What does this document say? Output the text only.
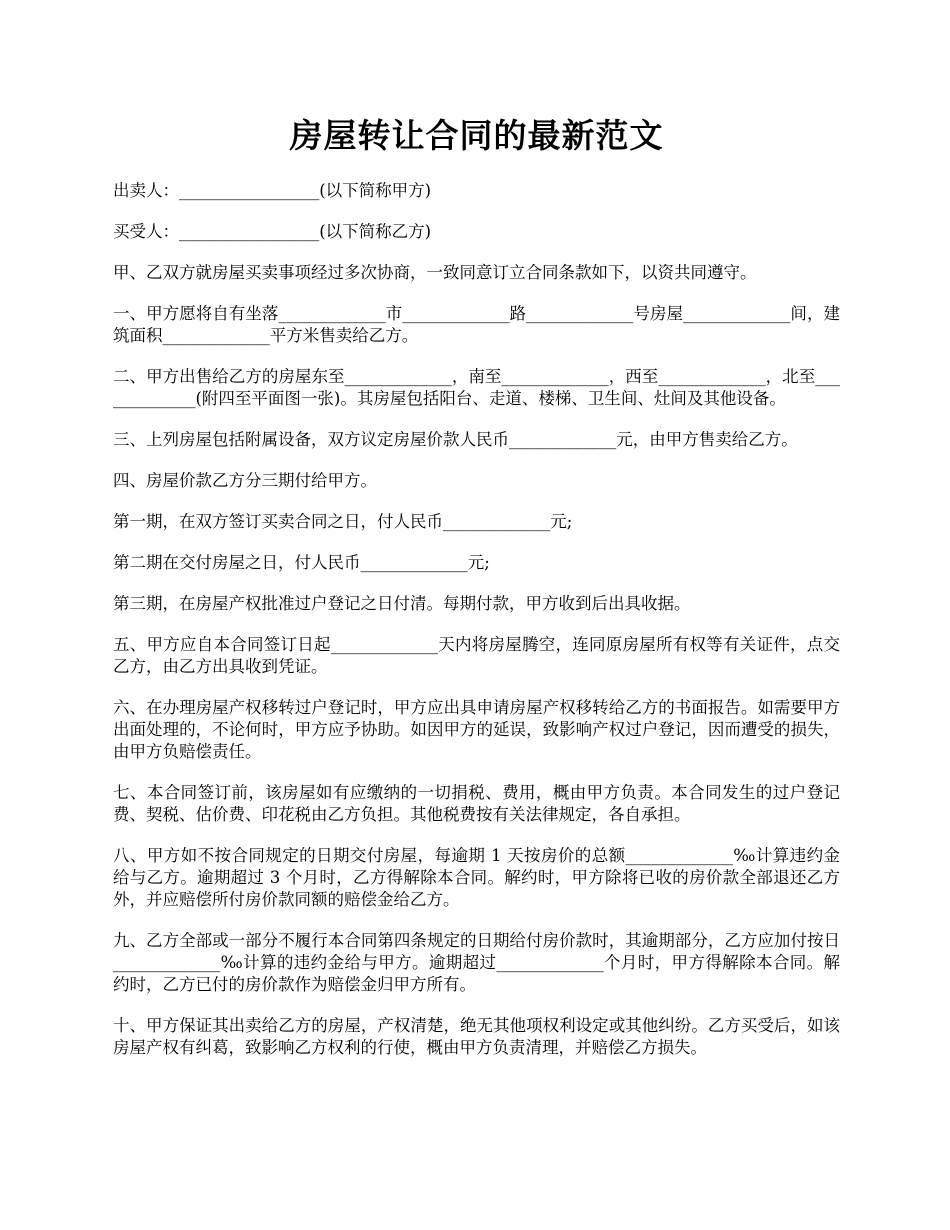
房屋转让合同的最新范文

出卖人：_________________(以下简称甲方)

买受人：_________________(以下简称乙方)

甲、乙双方就房屋买卖事项经过多次协商，一致同意订立合同条款如下，以资共同遵守。

一、甲方愿将自有坐落_____________市_____________路_____________号房屋_____________间，建筑面积_____________平方米售卖给乙方。

二、甲方出售给乙方的房屋东至_____________，南至_____________，西至_____________，北至_____________(附四至平面图一张)。其房屋包括阳台、走道、楼梯、卫生间、灶间及其他设备。

三、上列房屋包括附属设备，双方议定房屋价款人民币_____________元，由甲方售卖给乙方。

四、房屋价款乙方分三期付给甲方。

第一期，在双方签订买卖合同之日，付人民币_____________元;

第二期在交付房屋之日，付人民币_____________元;

第三期，在房屋产权批准过户登记之日付清。每期付款，甲方收到后出具收据。

五、甲方应自本合同签订日起_____________天内将房屋腾空，连同原房屋所有权等有关证件，点交乙方，由乙方出具收到凭证。

六、在办理房屋产权移转过户登记时，甲方应出具申请房屋产权移转给乙方的书面报告。如需要甲方出面处理的，不论何时，甲方应予协助。如因甲方的延误，致影响产权过户登记，因而遭受的损失，由甲方负赔偿责任。

七、本合同签订前，该房屋如有应缴纳的一切捐税、费用，概由甲方负责。本合同发生的过户登记费、契税、估价费、印花税由乙方负担。其他税费按有关法律规定，各自承担。

八、甲方如不按合同规定的日期交付房屋，每逾期 1 天按房价的总额_____________‰计算违约金给与乙方。逾期超过 3 个月时，乙方得解除本合同。解约时，甲方除将已收的房价款全部退还乙方外，并应赔偿所付房价款同额的赔偿金给乙方。

九、乙方全部或一部分不履行本合同第四条规定的日期给付房价款时，其逾期部分，乙方应加付按日_____________‰计算的违约金给与甲方。逾期超过_____________个月时，甲方得解除本合同。解约时，乙方已付的房价款作为赔偿金归甲方所有。

十、甲方保证其出卖给乙方的房屋，产权清楚，绝无其他项权利设定或其他纠纷。乙方买受后，如该房屋产权有纠葛，致影响乙方权利的行使，概由甲方负责清理，并赔偿乙方损失。
